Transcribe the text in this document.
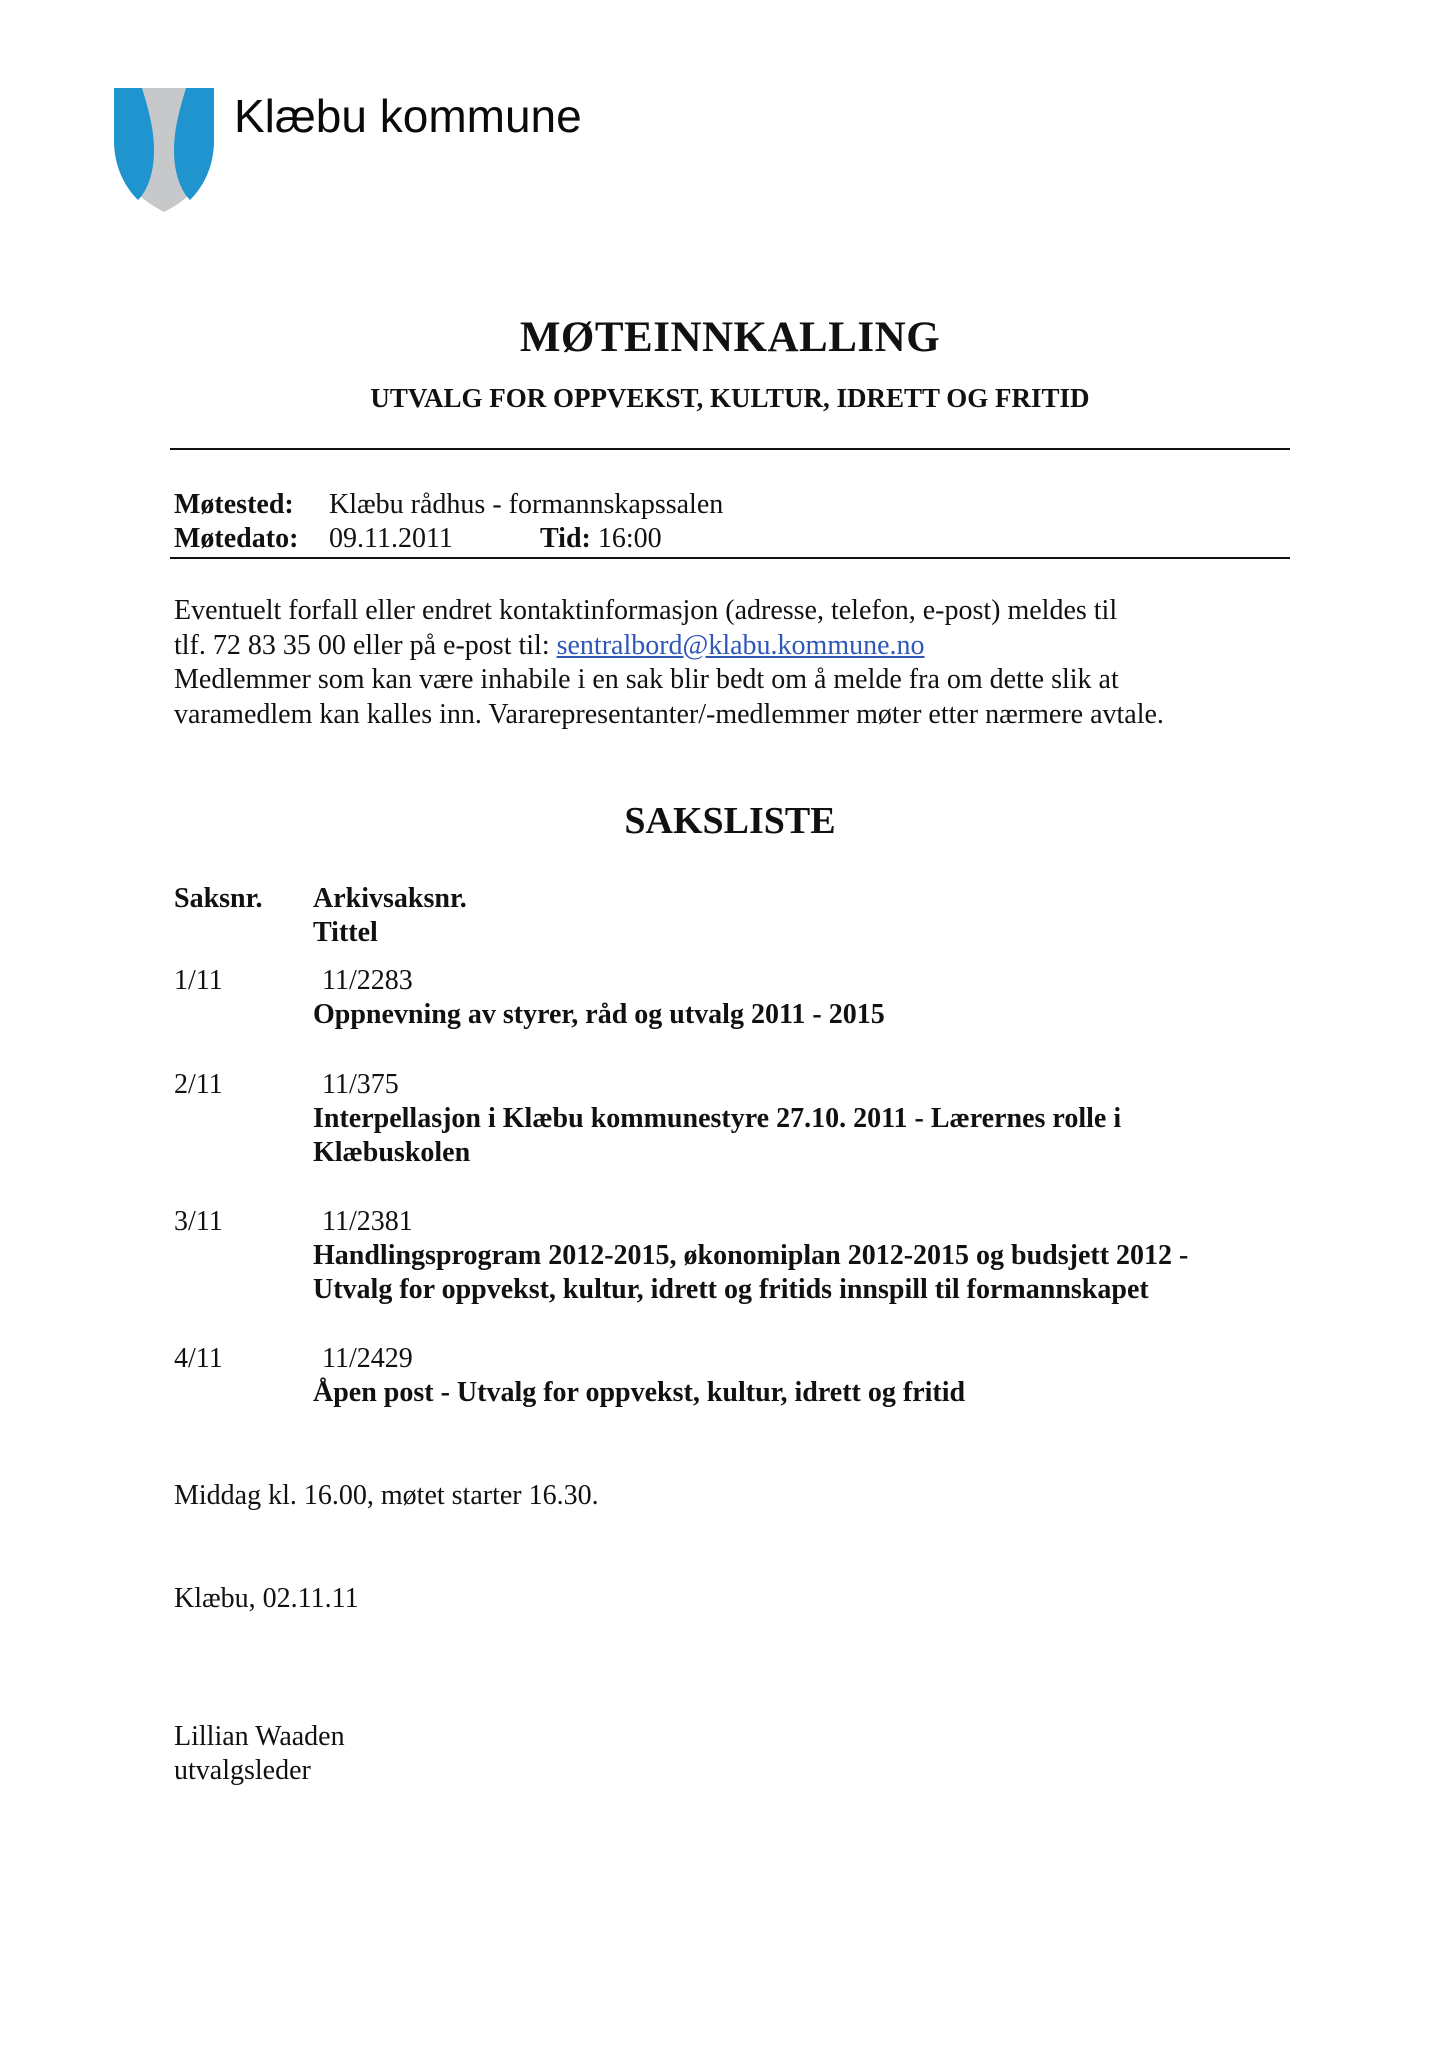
Klæbu kommune
MØTEINNKALLING
UTVALG FOR OPPVEKST, KULTUR, IDRETT OG FRITID
Møtested: Klæbu rådhus - formannskapssalen
Møtedato: 09.11.2011	Tid: 16:00
Eventuelt forfall eller endret kontaktinformasjon (adresse, telefon, e-post) meldes til
tlf. 72 83 35 00 eller på e-post til: sentralbord@klabu.kommune.no
Medlemmer som kan være inhabile i en sak blir bedt om å melde fra om dette slik at
varamedlem kan kalles inn. Vararepresentanter/-medlemmer møter etter nærmere avtale.
SAKSLISTE
Saksnr. Arkivsaksnr.
Tittel
1/11	11/2283
Oppnevning av styrer, råd og utvalg 2011 - 2015
2/11	11/375
Interpellasjon i Klæbu kommunestyre 27.10. 2011 - Lærernes rolle i Klæbuskolen
3/11	11/2381
Handlingsprogram 2012-2015, økonomiplan 2012-2015 og budsjett 2012 - Utvalg for oppvekst, kultur, idrett og fritids innspill til formannskapet
4/11	11/2429
Åpen post - Utvalg for oppvekst, kultur, idrett og fritid
Middag kl. 16.00, møtet starter 16.30.
Klæbu, 02.11.11
Lillian Waaden
utvalgsleder
